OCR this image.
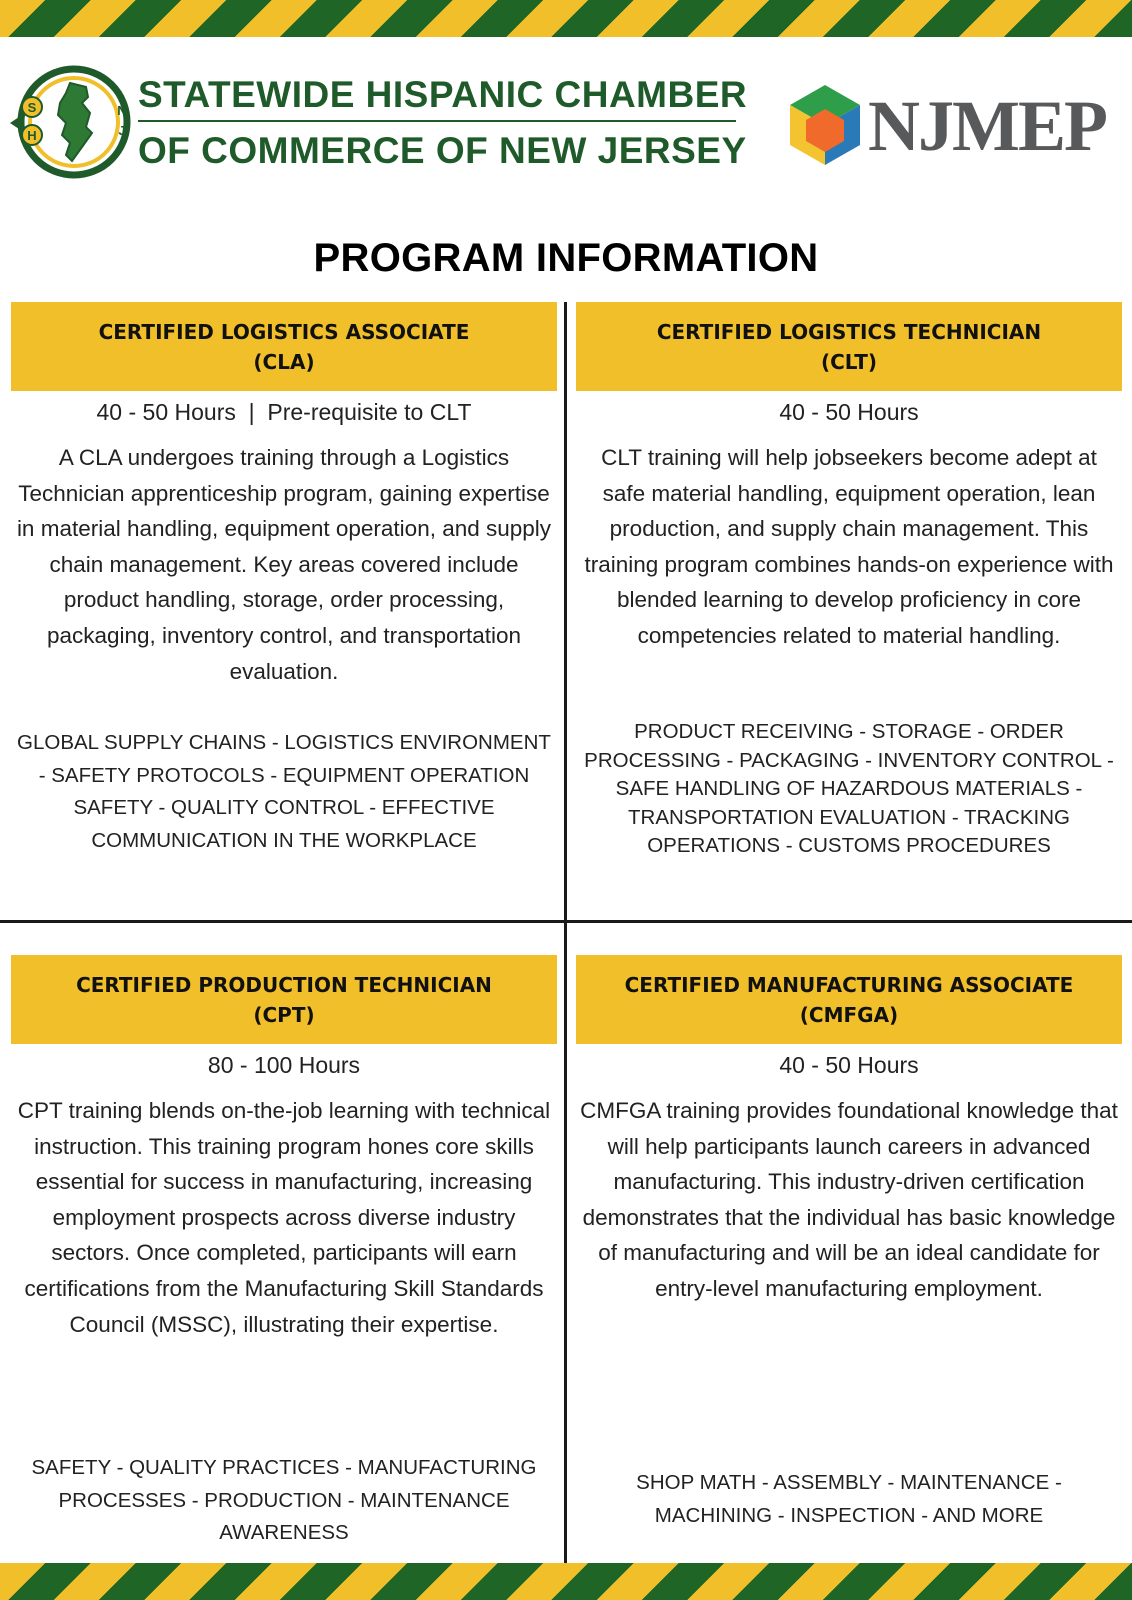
S
H
N
J
STATEWIDE HISPANIC CHAMBER
OF COMMERCE OF NEW JERSEY NJMEP
PROGRAM INFORMATION
CERTIFIED LOGISTICS ASSOCIATE
(CLA)
40 - 50 Hours  |  Pre-requisite to CLT

A CLA undergoes training through a Logistics Technician apprenticeship program, gaining expertise in material handling, equipment operation, and supply chain management. Key areas covered include product handling, storage, order processing, packaging, inventory control, and transportation evaluation.

GLOBAL SUPPLY CHAINS - LOGISTICS ENVIRONMENT - SAFETY PROTOCOLS - EQUIPMENT OPERATION SAFETY - QUALITY CONTROL - EFFECTIVE COMMUNICATION IN THE WORKPLACE

CERTIFIED LOGISTICS TECHNICIAN
(CLT)
40 - 50 Hours

CLT training will help jobseekers become adept at safe material handling, equipment operation, lean production, and supply chain management. This training program combines hands-on experience with blended learning to develop proficiency in core competencies related to material handling.

PRODUCT RECEIVING - STORAGE - ORDER PROCESSING - PACKAGING - INVENTORY CONTROL - SAFE HANDLING OF HAZARDOUS MATERIALS - TRANSPORTATION EVALUATION - TRACKING OPERATIONS - CUSTOMS PROCEDURES

CERTIFIED PRODUCTION TECHNICIAN
(CPT)
80 - 100 Hours

CPT training blends on-the-job learning with technical instruction. This training program hones core skills essential for success in manufacturing, increasing employment prospects across diverse industry sectors. Once completed, participants will earn certifications from the Manufacturing Skill Standards Council (MSSC), illustrating their expertise.

SAFETY - QUALITY PRACTICES - MANUFACTURING PROCESSES - PRODUCTION - MAINTENANCE AWARENESS

CERTIFIED MANUFACTURING ASSOCIATE
(CMFGA)
40 - 50 Hours

CMFGA training provides foundational knowledge that will help participants launch careers in advanced manufacturing. This industry-driven certification demonstrates that the individual has basic knowledge of manufacturing and will be an ideal candidate for entry-level manufacturing employment.

SHOP MATH - ASSEMBLY - MAINTENANCE - MACHINING - INSPECTION - AND MORE
